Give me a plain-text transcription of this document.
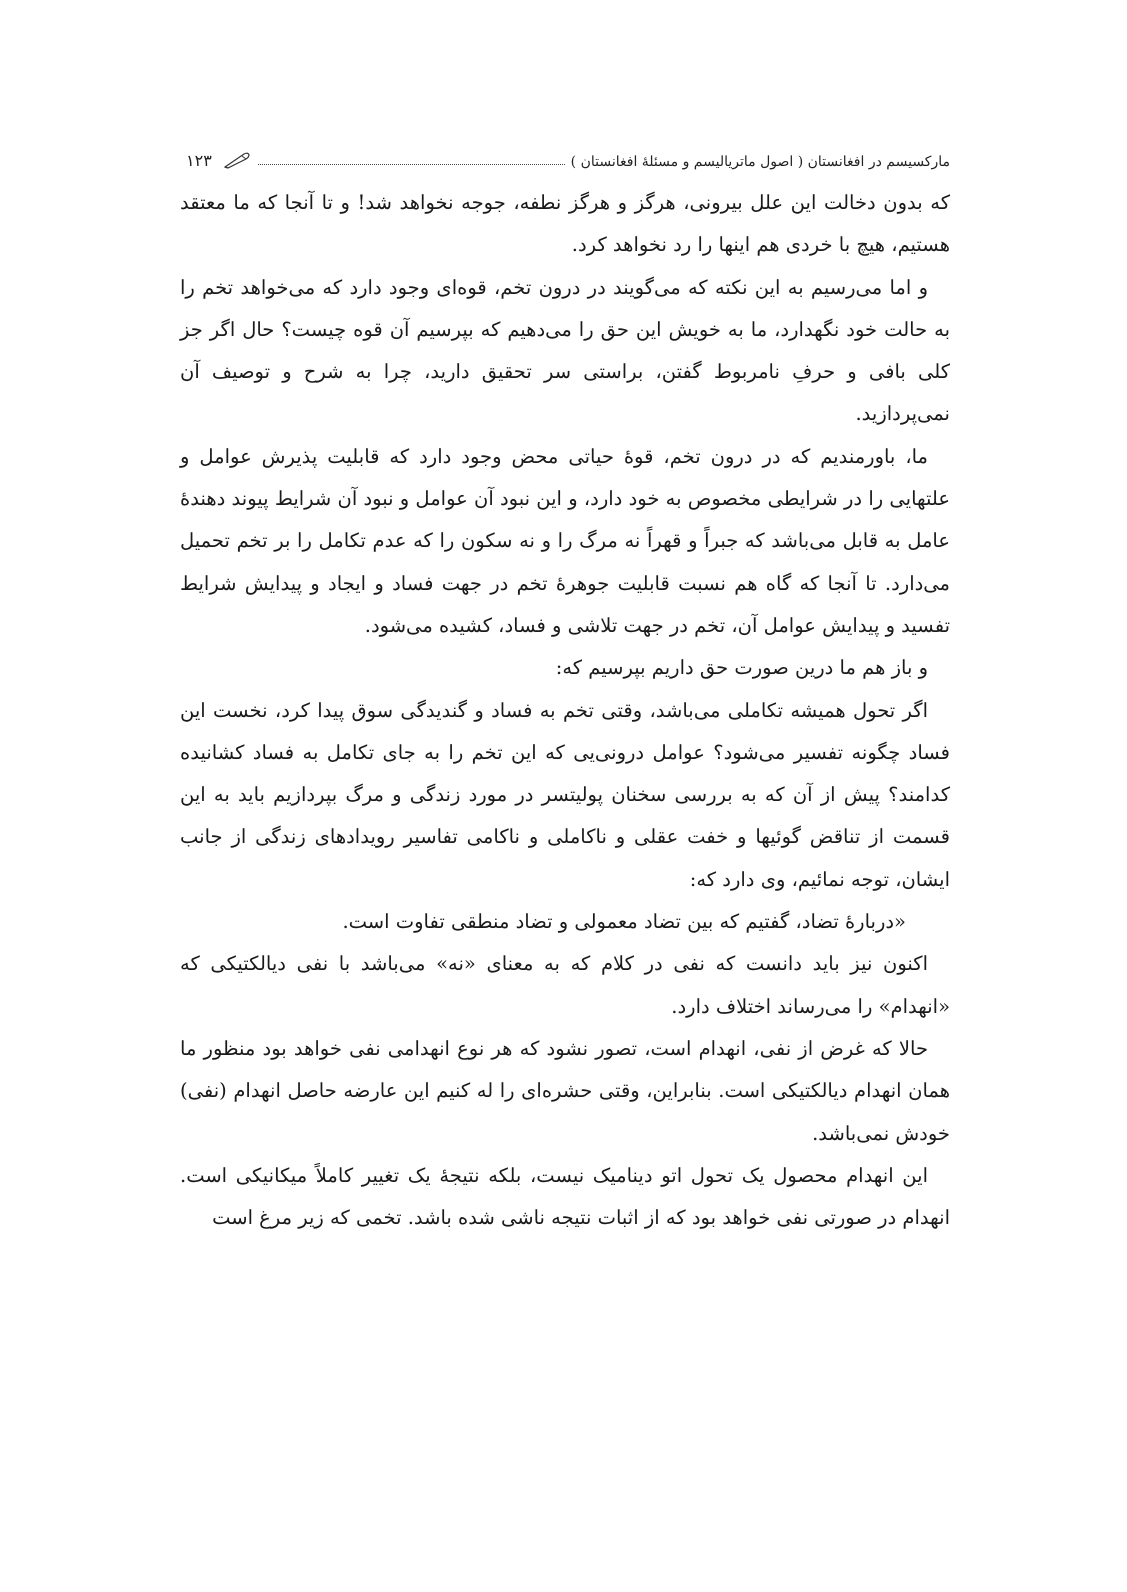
مارکسیسم در افغانستان ( اصول ماتریالیسم و مسئلهٔ افغانستان )
۱۲۳

که بدون دخالت این علل بیرونی، هرگز و هرگز نطفه، جوجه نخواهد شد! و تا آنجا که ما معتقد هستیم، هیچ با خردی هم اینها را رد نخواهد کرد.

و اما می‌رسیم به این نکته که می‌گویند در درون تخم، قوه‌ای وجود دارد که می‌خواهد تخم را به حالت خود نگهدارد، ما به خویش این حق را می‌دهیم که بپرسیم آن قوه چیست؟ حال اگر جز کلی بافی و حرفِ نامربوط گفتن، براستی سر تحقیق دارید، چرا به شرح و توصیف آن نمی‌پردازید.

ما، باورمندیم که در درون تخم، قوهٔ حیاتی محض وجود دارد که قابلیت پذیرش عوامل و علتهایی را در شرایطی مخصوص به خود دارد، و این نبود آن عوامل و نبود آن شرایط پیوند دهندهٔ عامل به قابل می‌باشد که جبراً و قهراً نه مرگ را و نه سکون را که عدم تکامل را بر تخم تحمیل می‌دارد. تا آنجا که گاه هم نسبت قابلیت جوهرهٔ تخم در جهت فساد و ایجاد و پیدایش شرایط تفسید و پیدایش عوامل آن، تخم در جهت تلاشی و فساد، کشیده می‌شود.

و باز هم ما درین صورت حق داریم بپرسیم که:

اگر تحول همیشه تکاملی می‌باشد، وقتی تخم به فساد و گندیدگی سوق پیدا کرد، نخست این فساد چگونه تفسیر می‌شود؟ عوامل درونی‌یی که این تخم را به جای تکامل به فساد کشانیده کدامند؟ پیش از آن که به بررسی سخنان پولیتسر در مورد زندگی و مرگ بپردازیم باید به این قسمت از تناقض گوئیها و خفت عقلی و ناکاملی و ناکامی تفاسیر رویدادهای زندگی از جانب ایشان، توجه نمائیم، وی دارد که:

«دربارهٔ تضاد، گفتیم که بین تضاد معمولی و تضاد منطقی تفاوت است.

اکنون نیز باید دانست که نفی در کلام که به معنای «نه» می‌باشد با نفی دیالکتیکی که «انهدام» را می‌رساند اختلاف دارد.

حالا که غرض از نفی، انهدام است، تصور نشود که هر نوع انهدامی نفی خواهد بود منظور ما همان انهدام دیالکتیکی است. بنابراین، وقتی حشره‌ای را له کنیم این عارضه حاصل انهدام (نفی) خودش نمی‌باشد.

این انهدام محصول یک تحول اتو دینامیک نیست، بلکه نتیجهٔ یک تغییر کاملاً میکانیکی است. انهدام در صورتی نفی خواهد بود که از اثبات نتیجه ناشی شده باشد. تخمی که زیر مرغ است
